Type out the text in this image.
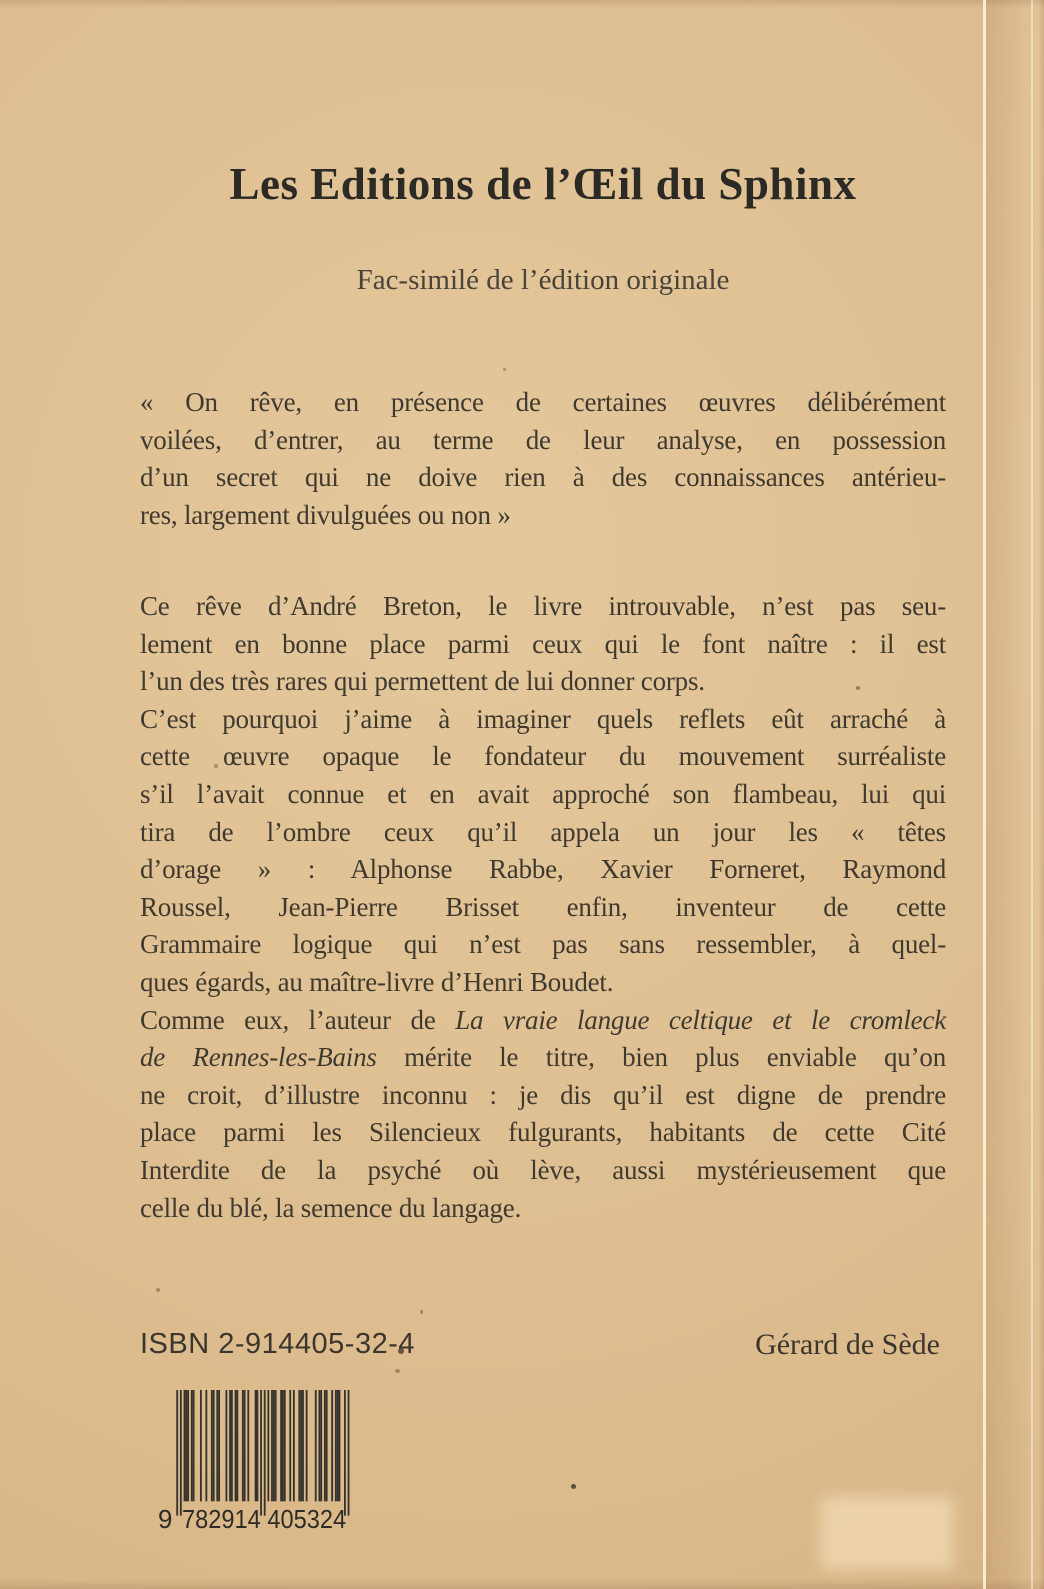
Les Editions de l’Œil du Sphinx
Fac-similé de l’édition originale
« On rêve, en présence de certaines œuvres délibérément
voilées, d’entrer, au terme de leur analyse, en possession
d’un secret qui ne doive rien à des connaissances antérieu-
res, largement divulguées ou non »
Ce rêve d’André Breton, le livre introuvable, n’est pas seu-
lement en bonne place parmi ceux qui le font naître : il est
l’un des très rares qui permettent de lui donner corps.
C’est pourquoi j’aime à imaginer quels reflets eût arraché à
cette œuvre opaque le fondateur du mouvement surréaliste
s’il l’avait connue et en avait approché son flambeau, lui qui
tira de l’ombre ceux qu’il appela un jour les « têtes
d’orage » : Alphonse Rabbe, Xavier Forneret, Raymond
Roussel, Jean-Pierre Brisset enfin, inventeur de cette
Grammaire logique qui n’est pas sans ressembler, à quel-
ques égards, au maître-livre d’Henri Boudet.
Comme eux, l’auteur de La vraie langue celtique et le cromleck
de Rennes-les-Bains mérite le titre, bien plus enviable qu’on
ne croit, d’illustre inconnu : je dis qu’il est digne de prendre
place parmi les Silencieux fulgurants, habitants de cette Cité
Interdite de la psyché où lève, aussi mystérieusement que
celle du blé, la semence du langage.
ISBN 2-914405-32-4	Gérard de Sède
9 782914 405324
